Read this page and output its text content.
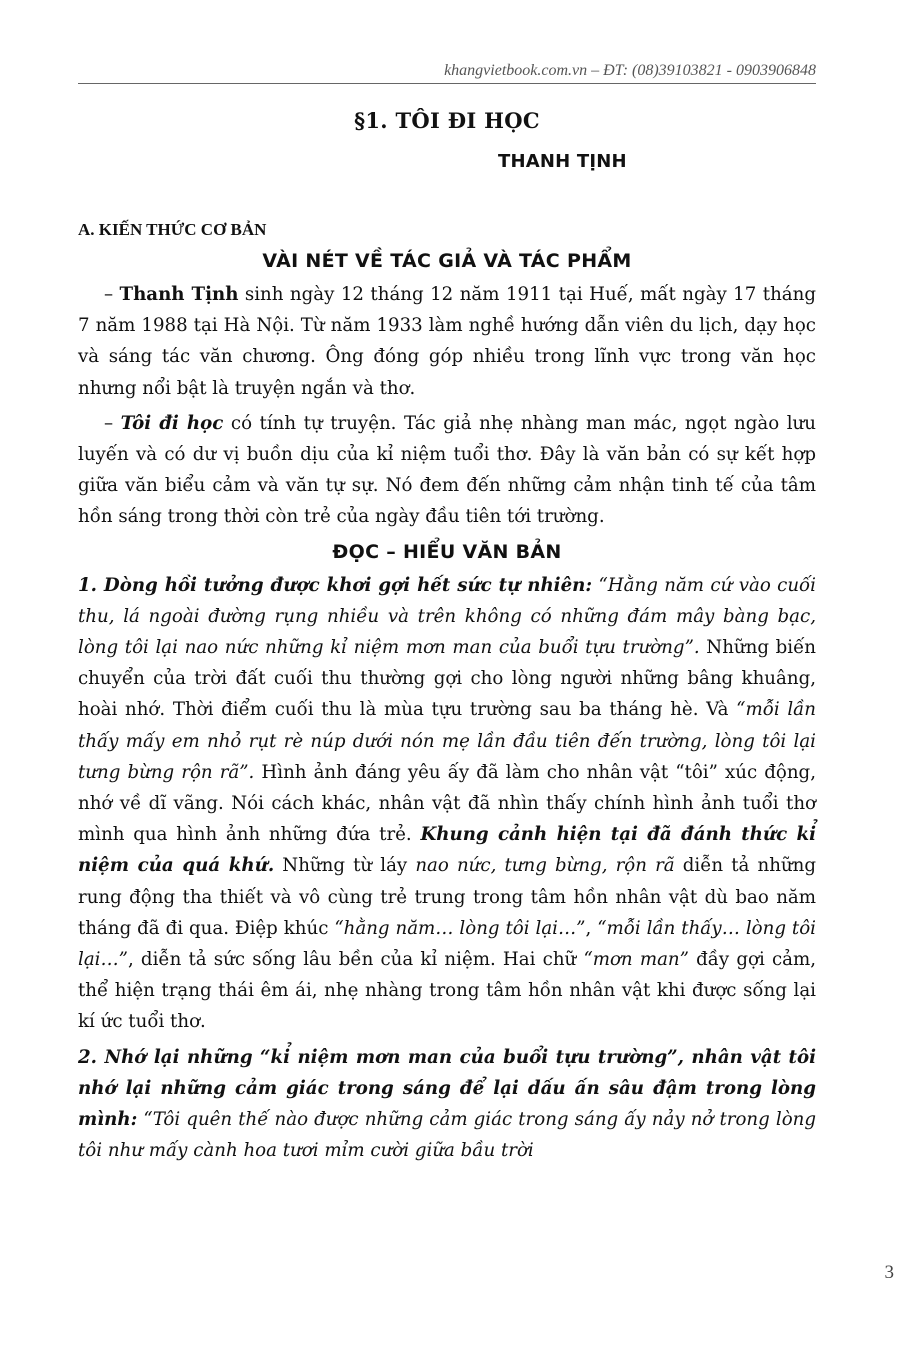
khangvietbook.com.vn – ĐT: (08)39103821 - 0903906848
§1. TÔI ĐI HỌC
THANH TỊNH
A. KIẾN THỨC CƠ BẢN
VÀI NÉT VỀ TÁC GIẢ VÀ TÁC PHẨM

– Thanh Tịnh sinh ngày 12 tháng 12 năm 1911 tại Huế, mất ngày 17 tháng 7 năm 1988 tại Hà Nội. Từ năm 1933 làm nghề hướng dẫn viên du lịch, dạy học và sáng tác văn chương. Ông đóng góp nhiều trong lĩnh vực trong văn học nhưng nổi bật là truyện ngắn và thơ.

– Tôi đi học có tính tự truyện. Tác giả nhẹ nhàng man mác, ngọt ngào lưu luyến và có dư vị buồn dịu của kỉ niệm tuổi thơ. Đây là văn bản có sự kết hợp giữa văn biểu cảm và văn tự sự. Nó đem đến những cảm nhận tinh tế của tâm hồn sáng trong thời còn trẻ của ngày đầu tiên tới trường.

ĐỌC – HIỂU VĂN BẢN

1. Dòng hồi tưởng được khơi gợi hết sức tự nhiên: “Hằng năm cứ vào cuối thu, lá ngoài đường rụng nhiều và trên không có những đám mây bàng bạc, lòng tôi lại nao nức những kỉ niệm mơn man của buổi tựu trường”. Những biến chuyển của trời đất cuối thu thường gợi cho lòng người những bâng khuâng, hoài nhớ. Thời điểm cuối thu là mùa tựu trường sau ba tháng hè. Và “mỗi lần thấy mấy em nhỏ rụt rè núp dưới nón mẹ lần đầu tiên đến trường, lòng tôi lại tưng bừng rộn rã”. Hình ảnh đáng yêu ấy đã làm cho nhân vật “tôi” xúc động, nhớ về dĩ vãng. Nói cách khác, nhân vật đã nhìn thấy chính hình ảnh tuổi thơ mình qua hình ảnh những đứa trẻ. Khung cảnh hiện tại đã đánh thức kỉ niệm của quá khứ. Những từ láy nao nức, tưng bừng, rộn rã diễn tả những rung động tha thiết và vô cùng trẻ trung trong tâm hồn nhân vật dù bao năm tháng đã đi qua. Điệp khúc “hằng năm… lòng tôi lại…”, “mỗi lần thấy… lòng tôi lại…”, diễn tả sức sống lâu bền của kỉ niệm. Hai chữ “mơn man” đầy gợi cảm, thể hiện trạng thái êm ái, nhẹ nhàng trong tâm hồn nhân vật khi được sống lại kí ức tuổi thơ.

2. Nhớ lại những “kỉ niệm mơn man của buổi tựu trường”, nhân vật tôi nhớ lại những cảm giác trong sáng để lại dấu ấn sâu đậm trong lòng mình: “Tôi quên thế nào được những cảm giác trong sáng ấy nảy nở trong lòng tôi như mấy cành hoa tươi mỉm cười giữa bầu trời

3
